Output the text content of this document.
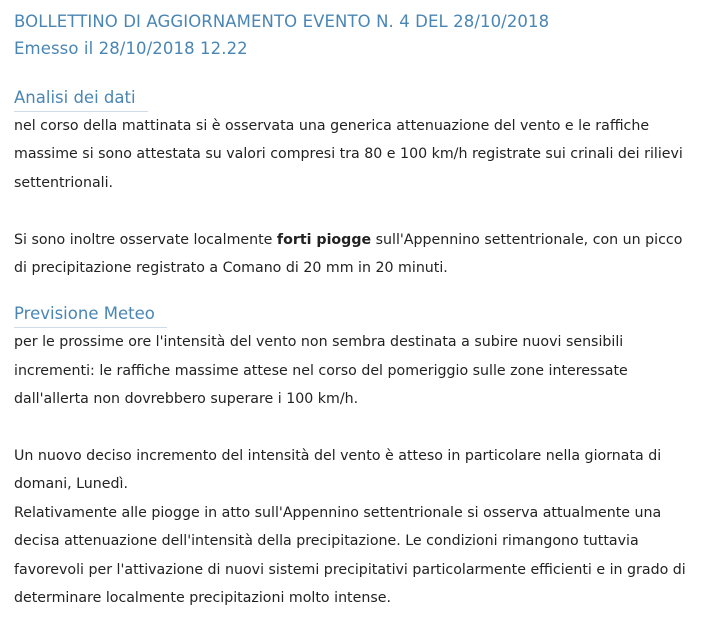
BOLLETTINO DI AGGIORNAMENTO EVENTO N. 4 DEL 28/10/2018
Emesso il 28/10/2018 12.22
Analisi dei dati

nel corso della mattinata si è osservata una generica attenuazione del vento e le raffiche massime si sono attestata su valori compresi tra 80 e 100 km/h registrate sui crinali dei rilievi settentrionali.

Si sono inoltre osservate localmente forti piogge sull'Appennino settentrionale, con un picco di precipitazione registrato a Comano di 20 mm in 20 minuti.

Previsione Meteo

per le prossime ore l'intensità del vento non sembra destinata a subire nuovi sensibili incrementi: le raffiche massime attese nel corso del pomeriggio sulle zone interessate dall'allerta non dovrebbero superare i 100 km/h.

Un nuovo deciso incremento del intensità del vento è atteso in particolare nella giornata di domani, Lunedì.

Relativamente alle piogge in atto sull'Appennino settentrionale si osserva attualmente una decisa attenuazione dell'intensità della precipitazione. Le condizioni rimangono tuttavia favorevoli per l'attivazione di nuovi sistemi precipitativi particolarmente efficienti e in grado di determinare localmente precipitazioni molto intense.
